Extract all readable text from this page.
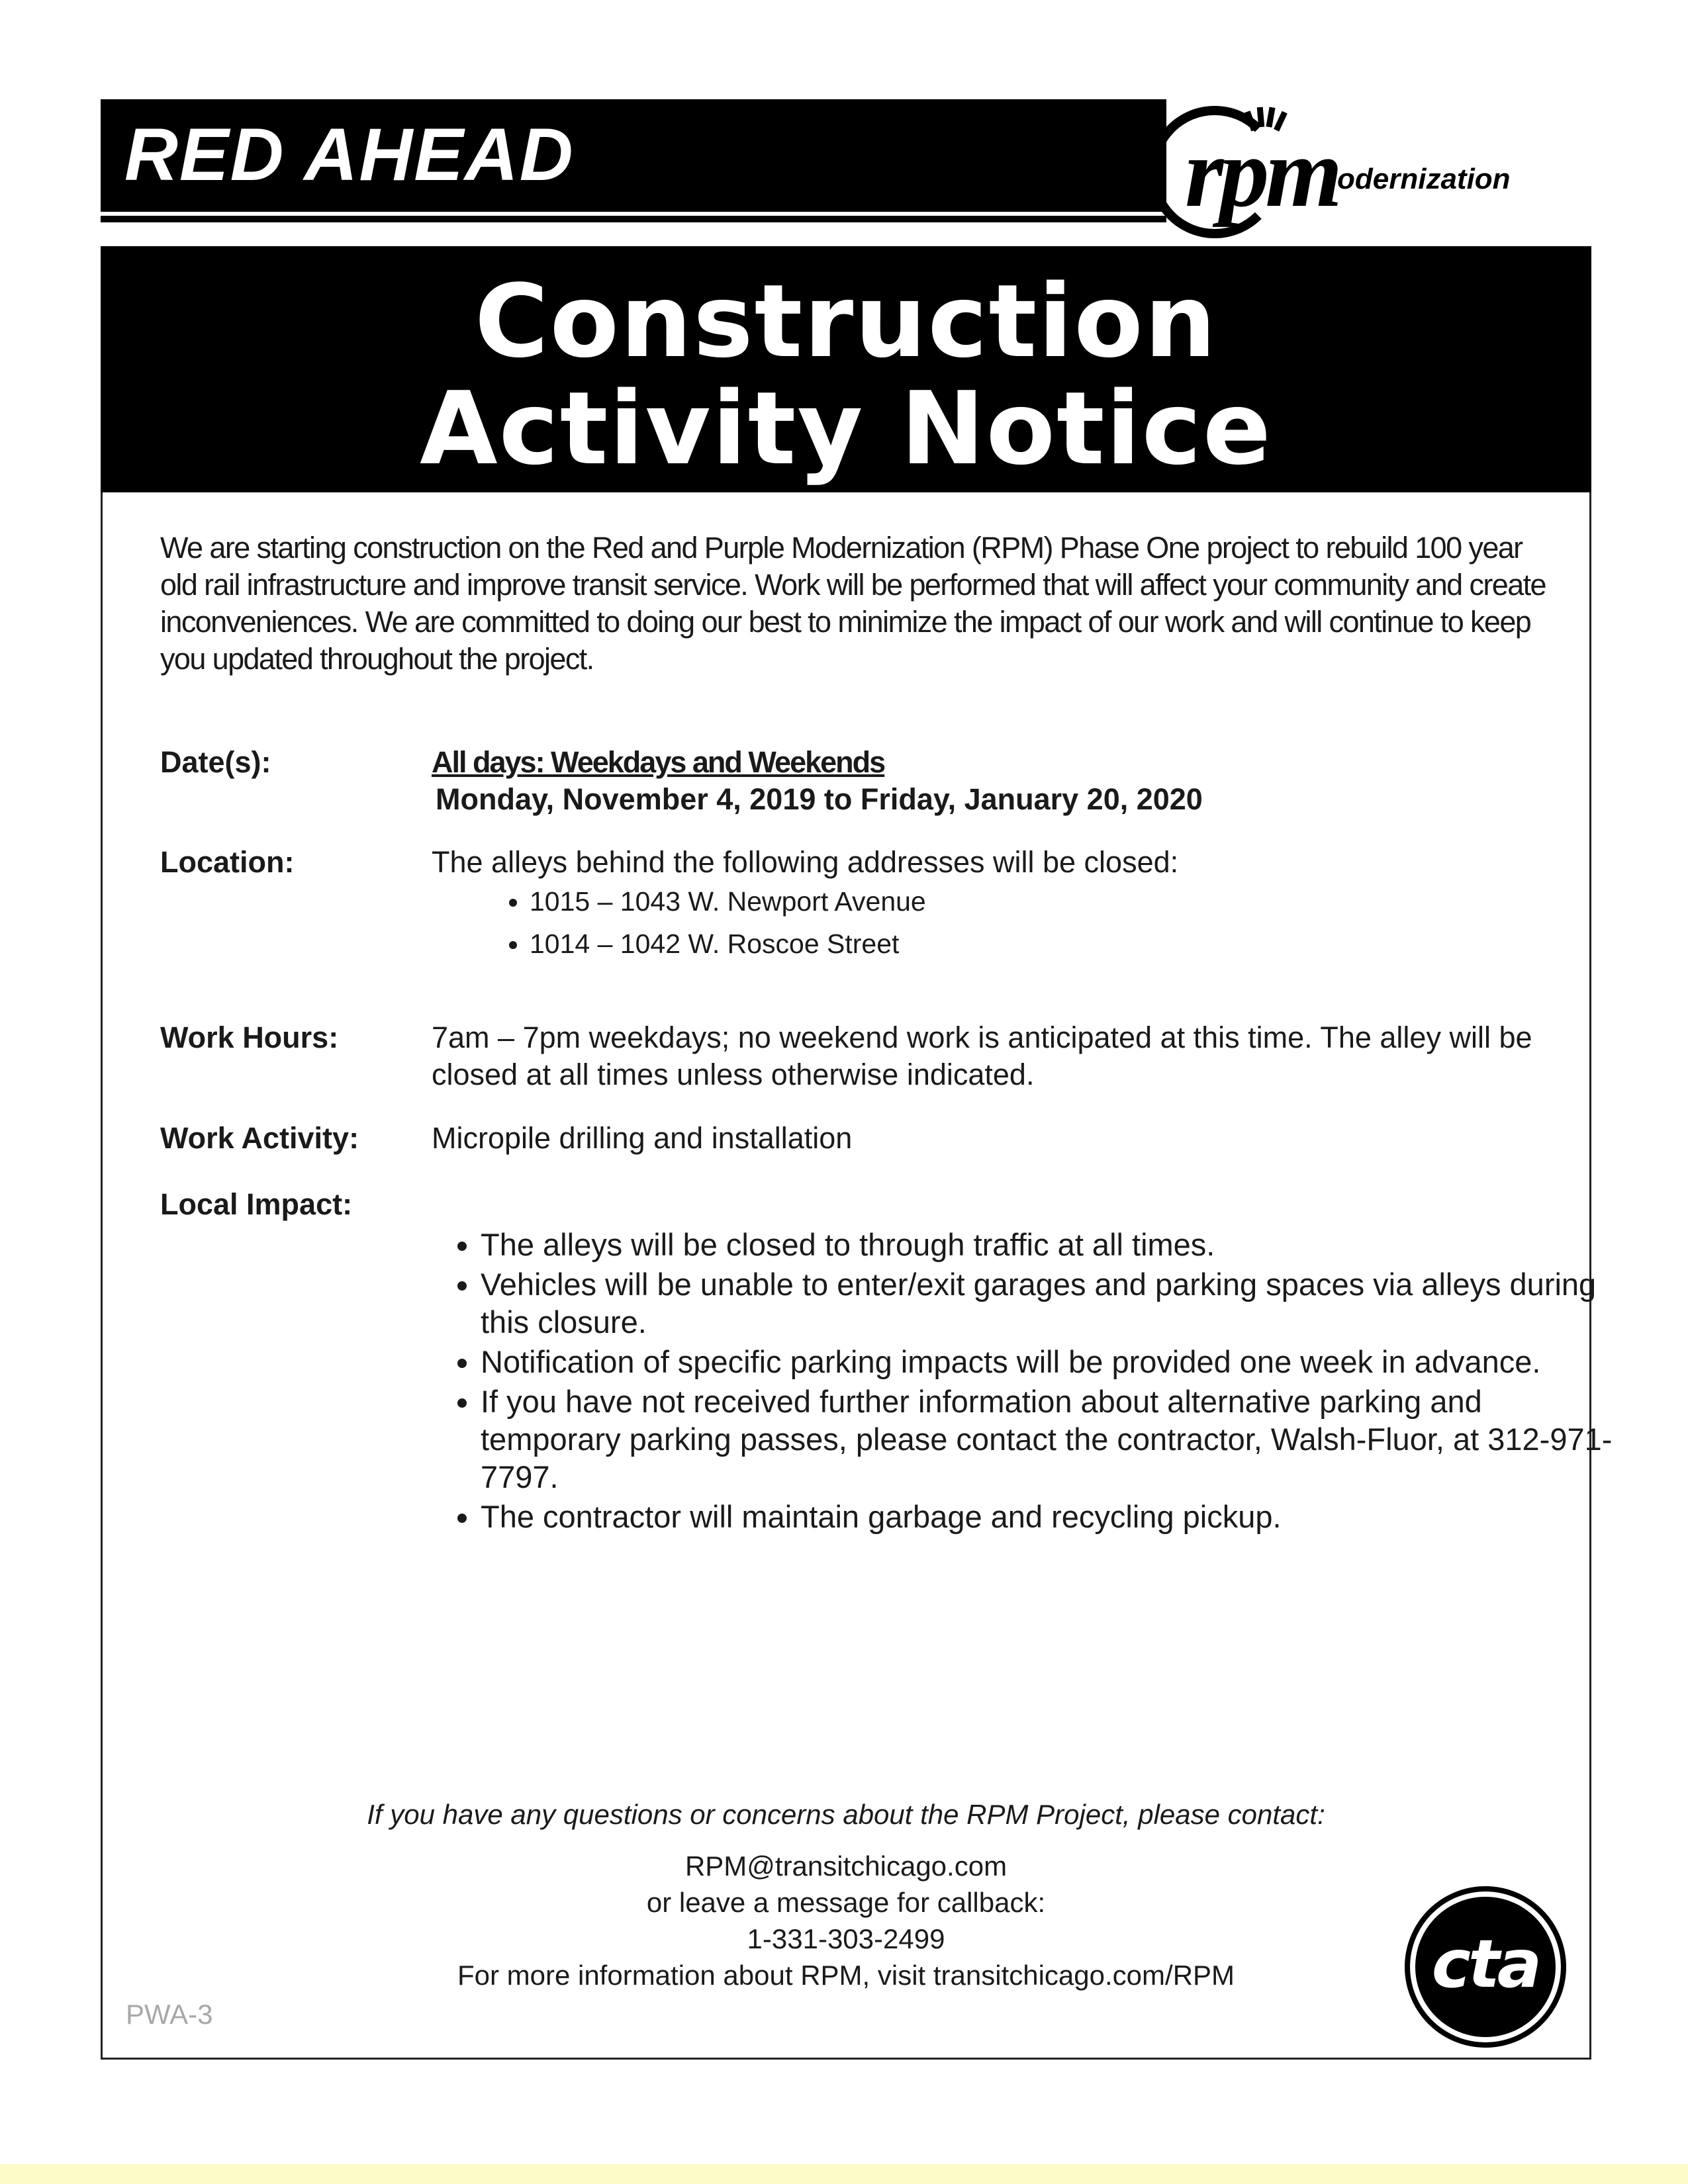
RED AHEAD	rpm
odernization
Construction
Activity Notice
We are starting construction on the Red and Purple Modernization (RPM) Phase One project to rebuild 100 year old rail infrastructure and improve transit service. Work will be performed that will affect your community and create inconveniences. We are committed to doing our best to minimize the impact of our work and will continue to keep you updated throughout the project.
Date(s):	All days: Weekdays and Weekends
Monday, November 4, 2019 to Friday, January 20, 2020
Location:	The alleys behind the following addresses will be closed:
• 1015 – 1043 W. Newport Avenue
• 1014 – 1042 W. Roscoe Street
Work Hours:	7am – 7pm weekdays; no weekend work is anticipated at this time. The alley will be closed at all times unless otherwise indicated.
Work Activity: Micropile drilling and installation
Local Impact:
• The alleys will be closed to through traffic at all times.
• Vehicles will be unable to enter/exit garages and parking spaces via alleys during this closure.
• Notification of specific parking impacts will be provided one week in advance.
• If you have not received further information about alternative parking and temporary parking passes, please contact the contractor, Walsh-Fluor, at 312-971-7797.
• The contractor will maintain garbage and recycling pickup.
If you have any questions or concerns about the RPM Project, please contact:
RPM@transitchicago.com
or leave a message for callback:
1-331-303-2499
For more information about RPM, visit transitchicago.com/RPM
PWA-3
cta
